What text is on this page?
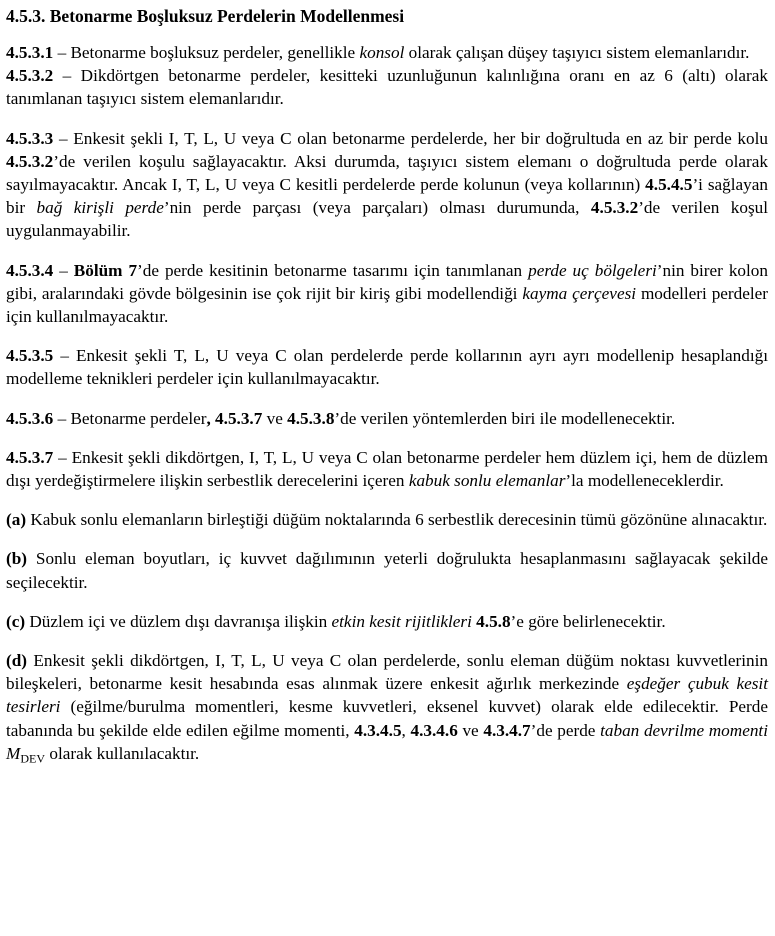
4.5.3. Betonarme Boşluksuz Perdelerin Modellenmesi

4.5.3.1 – Betonarme boşluksuz perdeler, genellikle konsol olarak çalışan düşey taşıyıcı sistem elemanlarıdır.

4.5.3.2 – Dikdörtgen betonarme perdeler, kesitteki uzunluğunun kalınlığına oranı en az 6 (altı) olarak tanımlanan taşıyıcı sistem elemanlarıdır.

4.5.3.3 – Enkesit şekli I, T, L, U veya C olan betonarme perdelerde, her bir doğrultuda en az bir perde kolu 4.5.3.2’de verilen koşulu sağlayacaktır. Aksi durumda, taşıyıcı sistem elemanı o doğrultuda perde olarak sayılmayacaktır. Ancak I, T, L, U veya C kesitli perdelerde perde kolunun (veya kollarının) 4.5.4.5’i sağlayan bir bağ kirişli perde’nin perde parçası (veya parçaları) olması durumunda, 4.5.3.2’de verilen koşul uygulanmayabilir.

4.5.3.4 – Bölüm 7’de perde kesitinin betonarme tasarımı için tanımlanan perde uç bölgeleri’nin birer kolon gibi, aralarındaki gövde bölgesinin ise çok rijit bir kiriş gibi modellendiği kayma çerçevesi modelleri perdeler için kullanılmayacaktır.

4.5.3.5 – Enkesit şekli T, L, U veya C olan perdelerde perde kollarının ayrı ayrı modellenip hesaplandığı modelleme teknikleri perdeler için kullanılmayacaktır.

4.5.3.6 – Betonarme perdeler, 4.5.3.7 ve 4.5.3.8’de verilen yöntemlerden biri ile modellenecektir.

4.5.3.7 – Enkesit şekli dikdörtgen, I, T, L, U veya C olan betonarme perdeler hem düzlem içi, hem de düzlem dışı yerdeğiştirmelere ilişkin serbestlik derecelerini içeren kabuk sonlu elemanlar’la modelleneceklerdir.

(a) Kabuk sonlu elemanların birleştiği düğüm noktalarında 6 serbestlik derecesinin tümü gözönüne alınacaktır.

(b) Sonlu eleman boyutları, iç kuvvet dağılımının yeterli doğrulukta hesaplanmasını sağlayacak şekilde seçilecektir.

(c) Düzlem içi ve düzlem dışı davranışa ilişkin etkin kesit rijitlikleri 4.5.8’e göre belirlenecektir.

(d) Enkesit şekli dikdörtgen, I, T, L, U veya C olan perdelerde, sonlu eleman düğüm noktası kuvvetlerinin bileşkeleri, betonarme kesit hesabında esas alınmak üzere enkesit ağırlık merkezinde eşdeğer çubuk kesit tesirleri (eğilme/burulma momentleri, kesme kuvvetleri, eksenel kuvvet) olarak elde edilecektir. Perde tabanında bu şekilde elde edilen eğilme momenti, 4.3.4.5, 4.3.4.6 ve 4.3.4.7’de perde taban devrilme momenti $M_{DEV}$ olarak kullanılacaktır.
